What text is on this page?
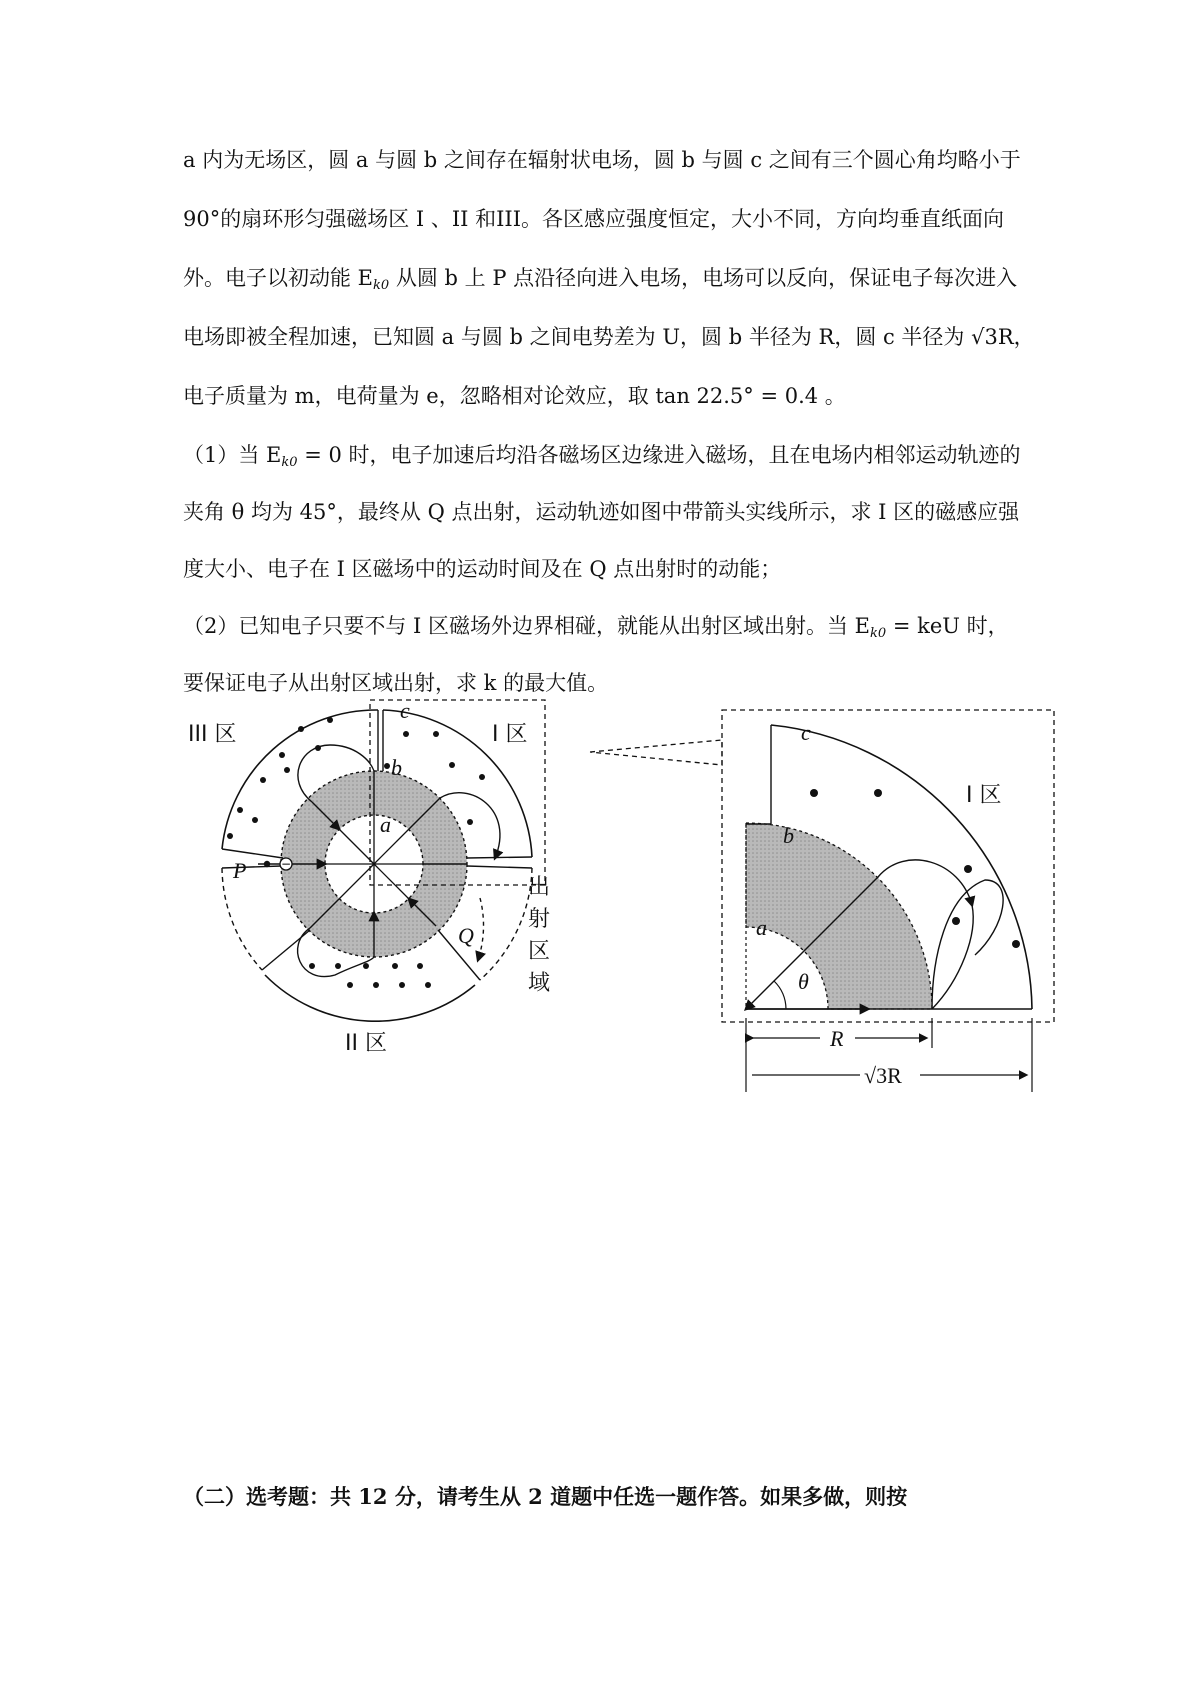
a 内为无场区，圆 a 与圆 b 之间存在辐射状电场，圆 b 与圆 c 之间有三个圆心角均略小于

90°的扇环形匀强磁场区 I 、II 和III。各区感应强度恒定，大小不同，方向均垂直纸面向

外。电子以初动能 $E_{k0}$ 从圆 b 上 P 点沿径向进入电场，电场可以反向，保证电子每次进入

电场即被全程加速，已知圆 a 与圆 b 之间电势差为 U，圆 b 半径为 R，圆 c 半径为 √3R，

电子质量为 m，电荷量为 e，忽略相对论效应，取 tan 22.5° = 0.4 。

（1）当 $E_{k0} = 0$ 时，电子加速后均沿各磁场区边缘进入磁场，且在电场内相邻运动轨迹的

夹角 θ 均为 45°，最终从 Q 点出射，运动轨迹如图中带箭头实线所示，求 I 区的磁感应强

度大小、电子在 I 区磁场中的运动时间及在 Q 点出射时的动能；

（2）已知电子只要不与 I 区磁场外边界相碰，就能从出射区域出射。当 $E_{k0}$ = keU 时，

要保证电子从出射区域出射，求 k 的最大值。

（二）选考题：共 12 分，请考生从 2 道题中任选一题作答。如果多做，则按

−
III 区	I 区
II 区
c
b
a
P
Q
出
射
区
域
c
b
a
θ
I 区
R
√3R
